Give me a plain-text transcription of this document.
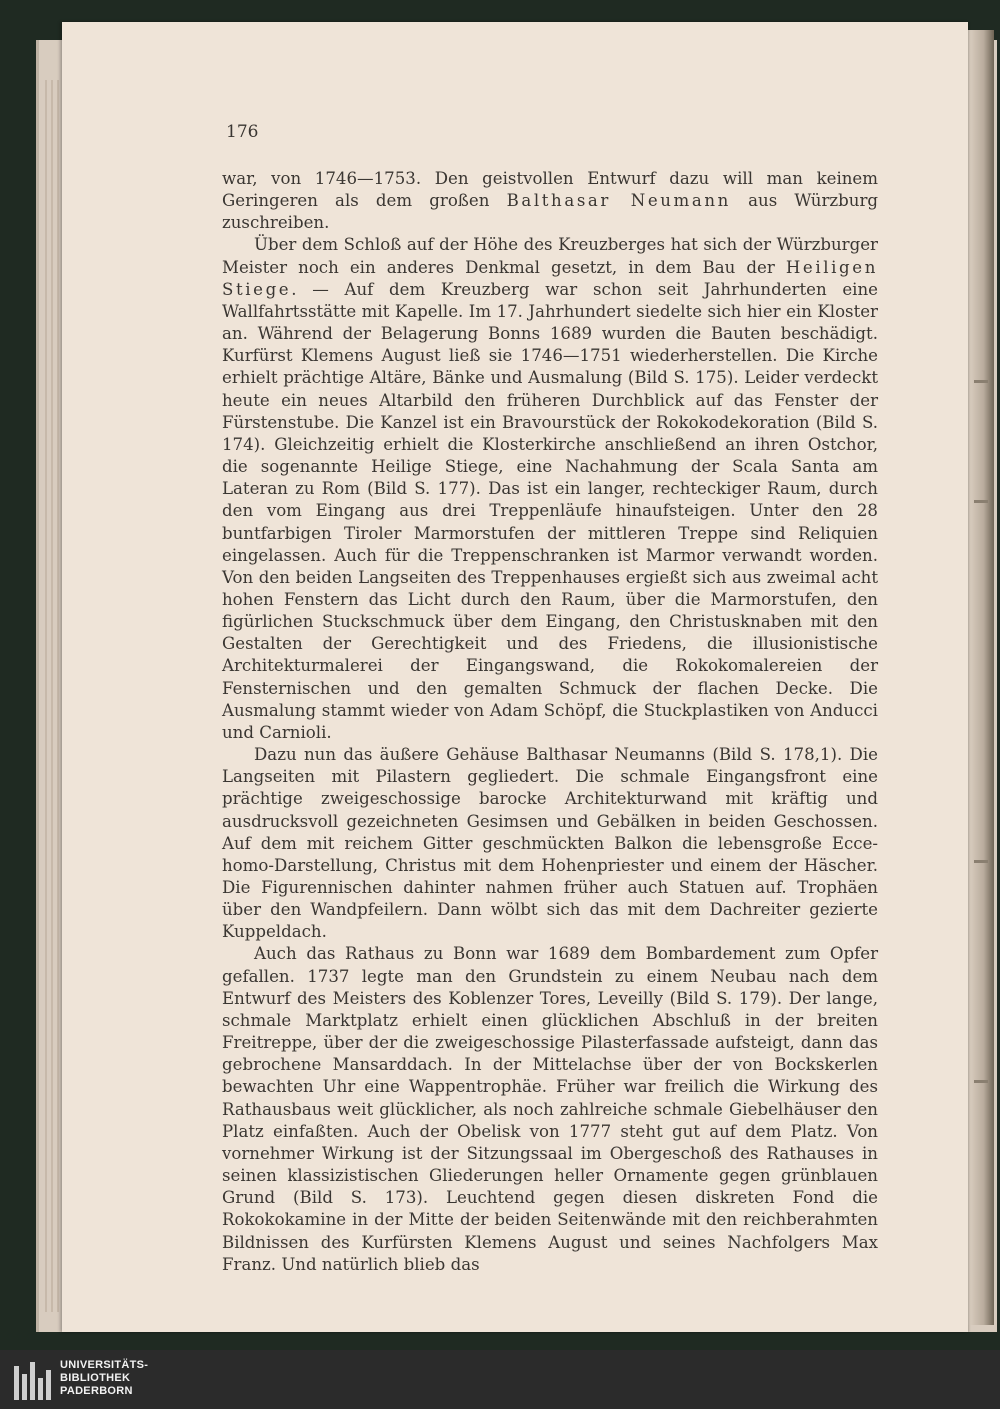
176

war, von 1746—1753. Den geistvollen Entwurf dazu will man keinem Geringeren als dem großen Balthasar Neumann aus Würzburg zuschreiben.

Über dem Schloß auf der Höhe des Kreuzberges hat sich der Würzburger Meister noch ein anderes Denkmal gesetzt, in dem Bau der Heiligen Stiege. — Auf dem Kreuzberg war schon seit Jahrhunderten eine Wallfahrtsstätte mit Kapelle. Im 17. Jahrhundert siedelte sich hier ein Kloster an. Während der Belagerung Bonns 1689 wurden die Bauten beschädigt. Kurfürst Klemens August ließ sie 1746—1751 wiederherstellen. Die Kirche erhielt prächtige Altäre, Bänke und Ausmalung (Bild S. 175). Leider verdeckt heute ein neues Altarbild den früheren Durchblick auf das Fenster der Fürstenstube. Die Kanzel ist ein Bravourstück der Rokokodekoration (Bild S. 174). Gleichzeitig erhielt die Klosterkirche anschließend an ihren Ostchor, die sogenannte Heilige Stiege, eine Nachahmung der Scala Santa am Lateran zu Rom (Bild S. 177). Das ist ein langer, rechteckiger Raum, durch den vom Eingang aus drei Treppenläufe hinaufsteigen. Unter den 28 buntfarbigen Tiroler Marmorstufen der mittleren Treppe sind Reliquien eingelassen. Auch für die Treppenschranken ist Marmor verwandt worden. Von den beiden Langseiten des Treppenhauses ergießt sich aus zweimal acht hohen Fenstern das Licht durch den Raum, über die Marmorstufen, den figürlichen Stuckschmuck über dem Eingang, den Christusknaben mit den Gestalten der Gerechtigkeit und des Friedens, die illusionistische Architekturmalerei der Eingangswand, die Rokokomalereien der Fensternischen und den gemalten Schmuck der flachen Decke. Die Ausmalung stammt wieder von Adam Schöpf, die Stuckplastiken von Anducci und Carnioli.

Dazu nun das äußere Gehäuse Balthasar Neumanns (Bild S. 178,1). Die Langseiten mit Pilastern gegliedert. Die schmale Eingangsfront eine prächtige zweigeschossige barocke Architekturwand mit kräftig und ausdrucksvoll gezeichneten Gesimsen und Gebälken in beiden Geschossen. Auf dem mit reichem Gitter geschmückten Balkon die lebensgroße Ecce-homo-Darstellung, Christus mit dem Hohenpriester und einem der Häscher. Die Figurennischen dahinter nahmen früher auch Statuen auf. Trophäen über den Wandpfeilern. Dann wölbt sich das mit dem Dachreiter gezierte Kuppeldach.

Auch das Rathaus zu Bonn war 1689 dem Bombardement zum Opfer gefallen. 1737 legte man den Grundstein zu einem Neubau nach dem Entwurf des Meisters des Koblenzer Tores, Leveilly (Bild S. 179). Der lange, schmale Marktplatz erhielt einen glücklichen Abschluß in der breiten Freitreppe, über der die zweigeschossige Pilasterfassade aufsteigt, dann das gebrochene Mansarddach. In der Mittelachse über der von Bockskerlen bewachten Uhr eine Wappentrophäe. Früher war freilich die Wirkung des Rathausbaus weit glücklicher, als noch zahlreiche schmale Giebelhäuser den Platz einfaßten. Auch der Obelisk von 1777 steht gut auf dem Platz. Von vornehmer Wirkung ist der Sitzungssaal im Obergeschoß des Rathauses in seinen klassizistischen Gliederungen heller Ornamente gegen grünblauen Grund (Bild S. 173). Leuchtend gegen diesen diskreten Fond die Rokokokamine in der Mitte der beiden Seitenwände mit den reichberahmten Bildnissen des Kurfürsten Klemens August und seines Nachfolgers Max Franz. Und natürlich blieb das

UNIVERSITÄTS-
BIBLIOTHEK
PADERBORN
